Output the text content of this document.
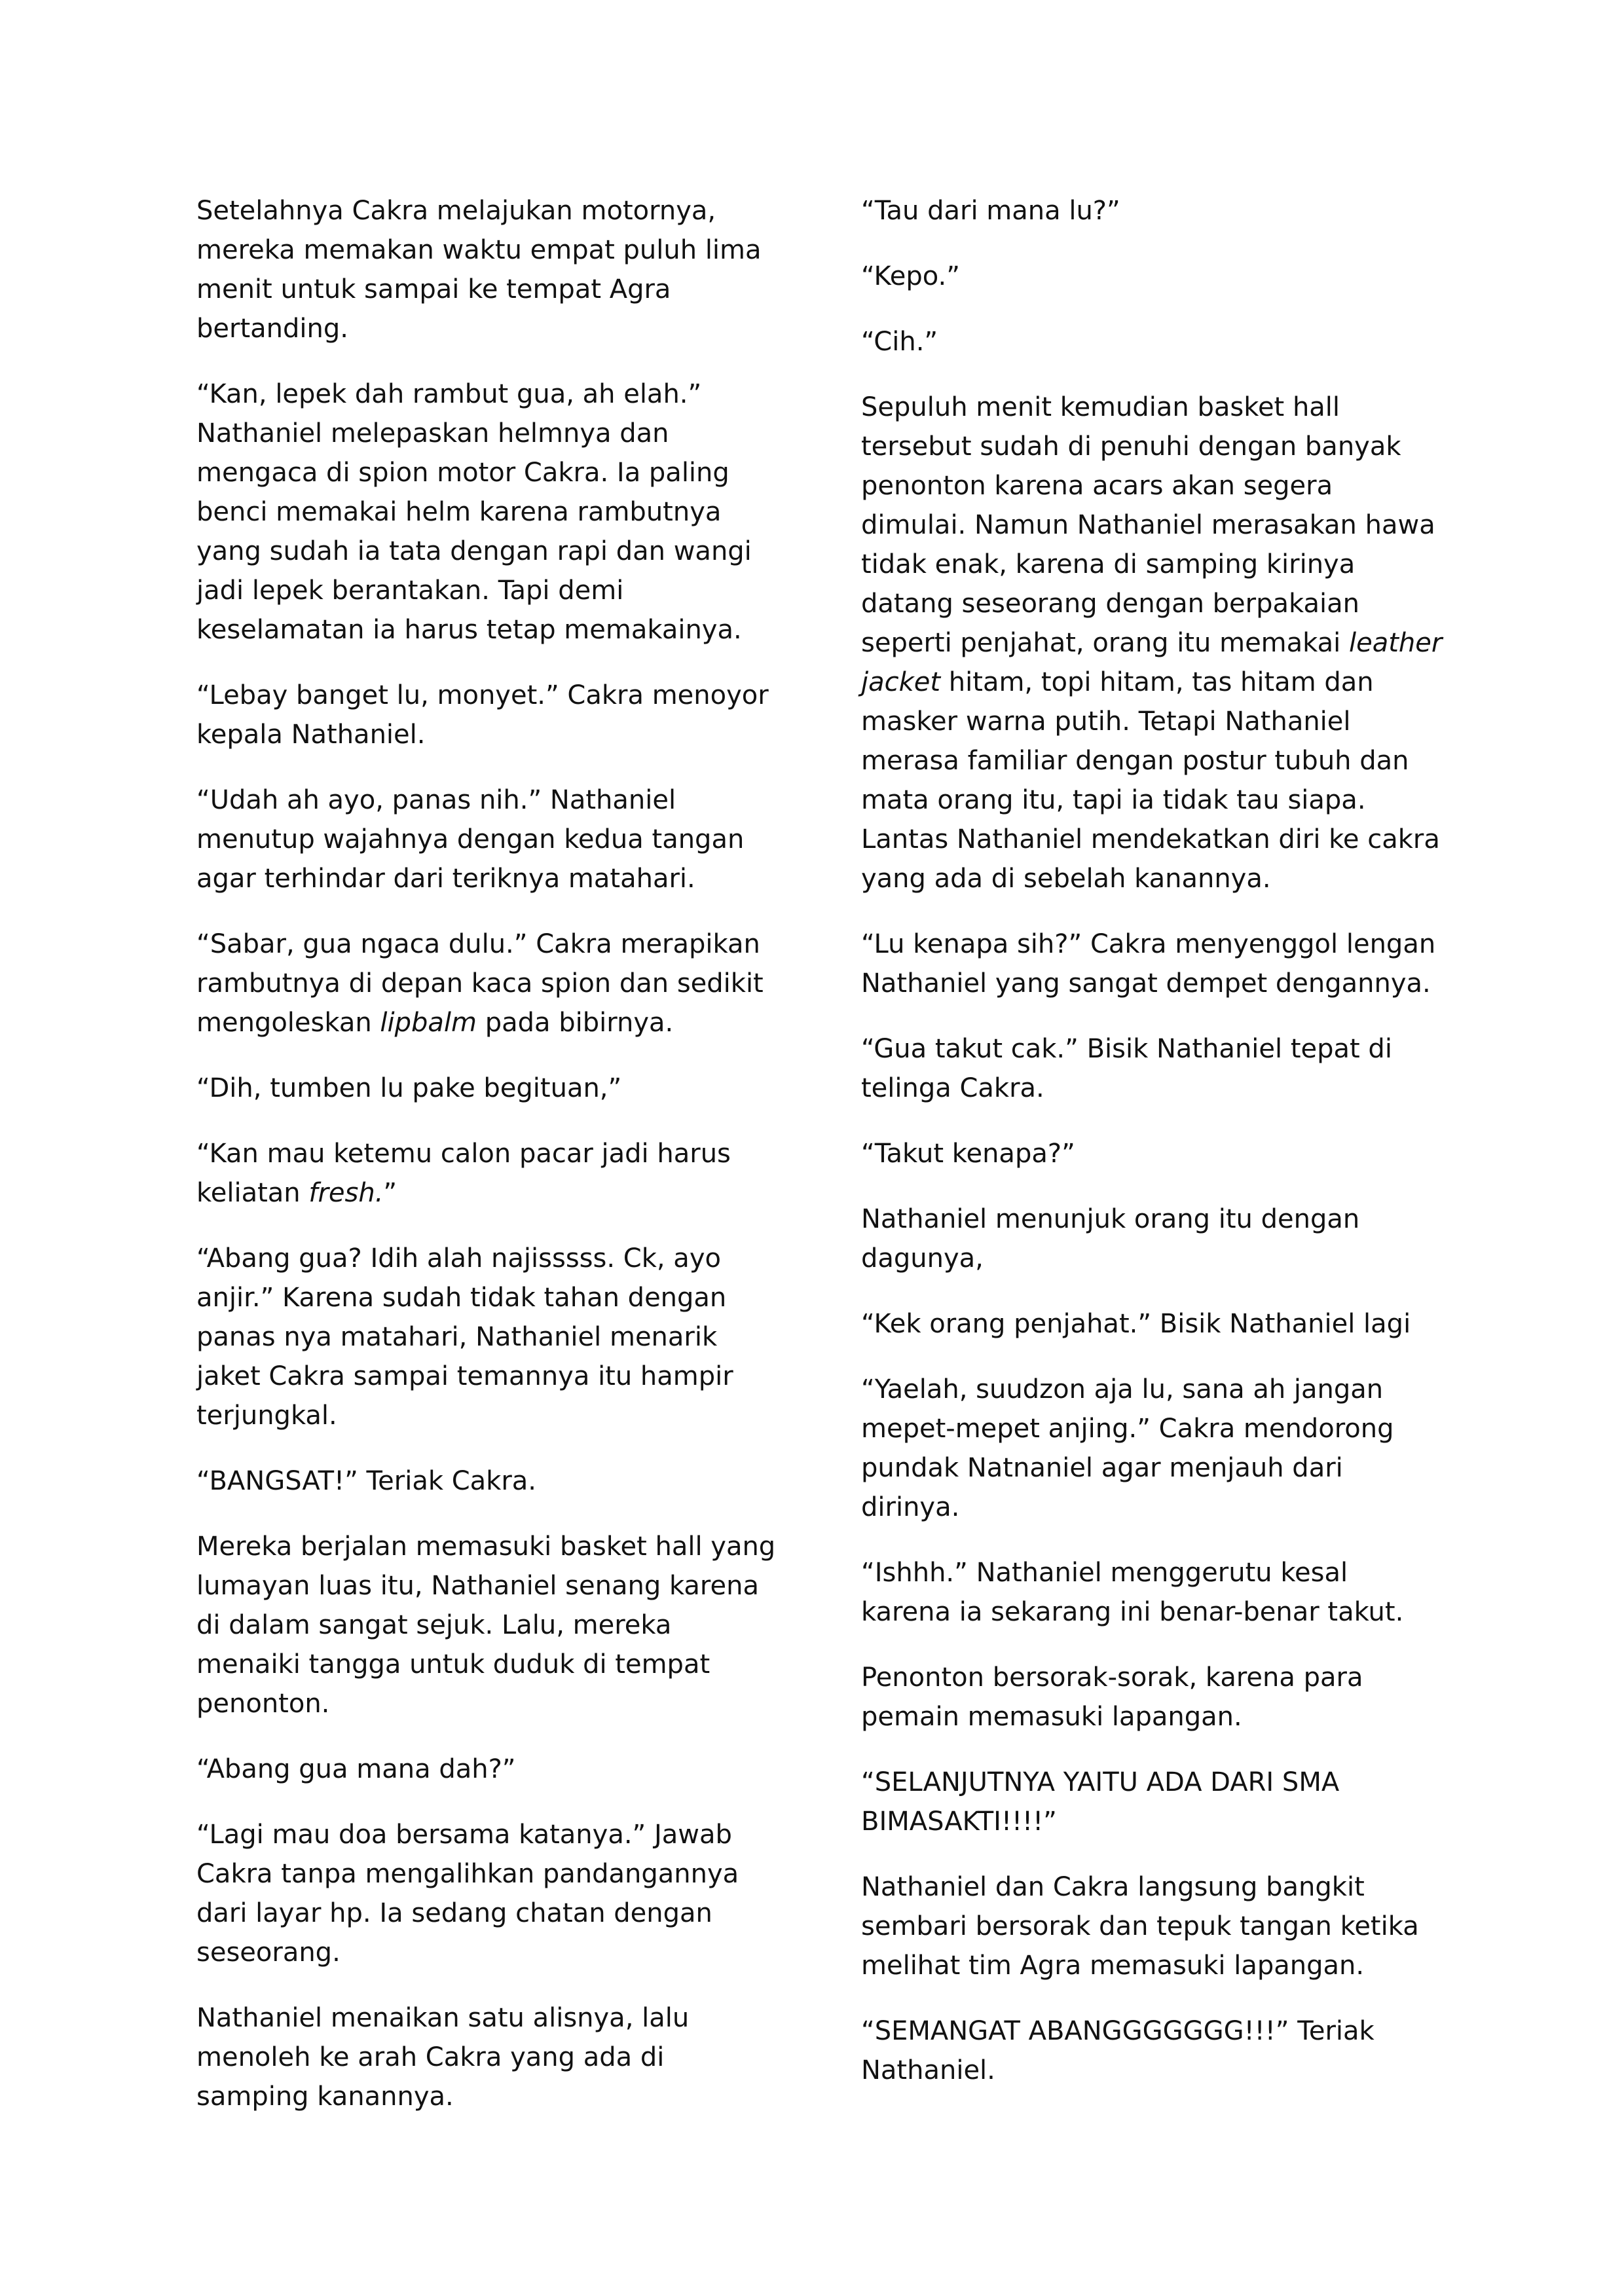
Setelahnya Cakra melajukan motornya, mereka memakan waktu empat puluh lima menit untuk sampai ke tempat Agra bertanding.

“Kan, lepek dah rambut gua, ah elah.” Nathaniel melepaskan helmnya dan mengaca di spion motor Cakra. Ia paling benci memakai helm karena rambutnya yang sudah ia tata dengan rapi dan wangi jadi lepek berantakan. Tapi demi keselamatan ia harus tetap memakainya.

“Lebay banget lu, monyet.” Cakra menoyor kepala Nathaniel.

“Udah ah ayo, panas nih.” Nathaniel menutup wajahnya dengan kedua tangan agar terhindar dari teriknya matahari.

“Sabar, gua ngaca dulu.” Cakra merapikan rambutnya di depan kaca spion dan sedikit mengoleskan lipbalm pada bibirnya.

“Dih, tumben lu pake begituan,”

“Kan mau ketemu calon pacar jadi harus keliatan fresh.”

“Abang gua? Idih alah najisssss. Ck, ayo anjir.” Karena sudah tidak tahan dengan panas nya matahari, Nathaniel menarik jaket Cakra sampai temannya itu hampir terjungkal.

“BANGSAT!” Teriak Cakra.

Mereka berjalan memasuki basket hall yang lumayan luas itu, Nathaniel senang karena di dalam sangat sejuk. Lalu, mereka menaiki tangga untuk duduk di tempat penonton.

“Abang gua mana dah?”

“Lagi mau doa bersama katanya.” Jawab Cakra tanpa mengalihkan pandangannya dari layar hp. Ia sedang chatan dengan seseorang.

Nathaniel menaikan satu alisnya, lalu menoleh ke arah Cakra yang ada di samping kanannya.

“Tau dari mana lu?”

“Kepo.”

“Cih.”

Sepuluh menit kemudian basket hall tersebut sudah di penuhi dengan banyak penonton karena acars akan segera dimulai. Namun Nathaniel merasakan hawa tidak enak, karena di samping kirinya datang seseorang dengan berpakaian seperti penjahat, orang itu memakai leather jacket hitam, topi hitam, tas hitam dan masker warna putih. Tetapi Nathaniel merasa familiar dengan postur tubuh dan mata orang itu, tapi ia tidak tau siapa. Lantas Nathaniel mendekatkan diri ke cakra yang ada di sebelah kanannya.

“Lu kenapa sih?” Cakra menyenggol lengan Nathaniel yang sangat dempet dengannya.

“Gua takut cak.” Bisik Nathaniel tepat di telinga Cakra.

“Takut kenapa?”

Nathaniel menunjuk orang itu dengan dagunya,

“Kek orang penjahat.” Bisik Nathaniel lagi

“Yaelah, suudzon aja lu, sana ah jangan mepet-mepet anjing.” Cakra mendorong pundak Natnaniel agar menjauh dari dirinya.

“Ishhh.” Nathaniel menggerutu kesal karena ia sekarang ini benar-benar takut.

Penonton bersorak-sorak, karena para pemain memasuki lapangan.

“SELANJUTNYA YAITU ADA DARI SMA BIMASAKTI!!!!”

Nathaniel dan Cakra langsung bangkit sembari bersorak dan tepuk tangan ketika melihat tim Agra memasuki lapangan.

“SEMANGAT ABANGGGGGGG!!!” Teriak Nathaniel.
